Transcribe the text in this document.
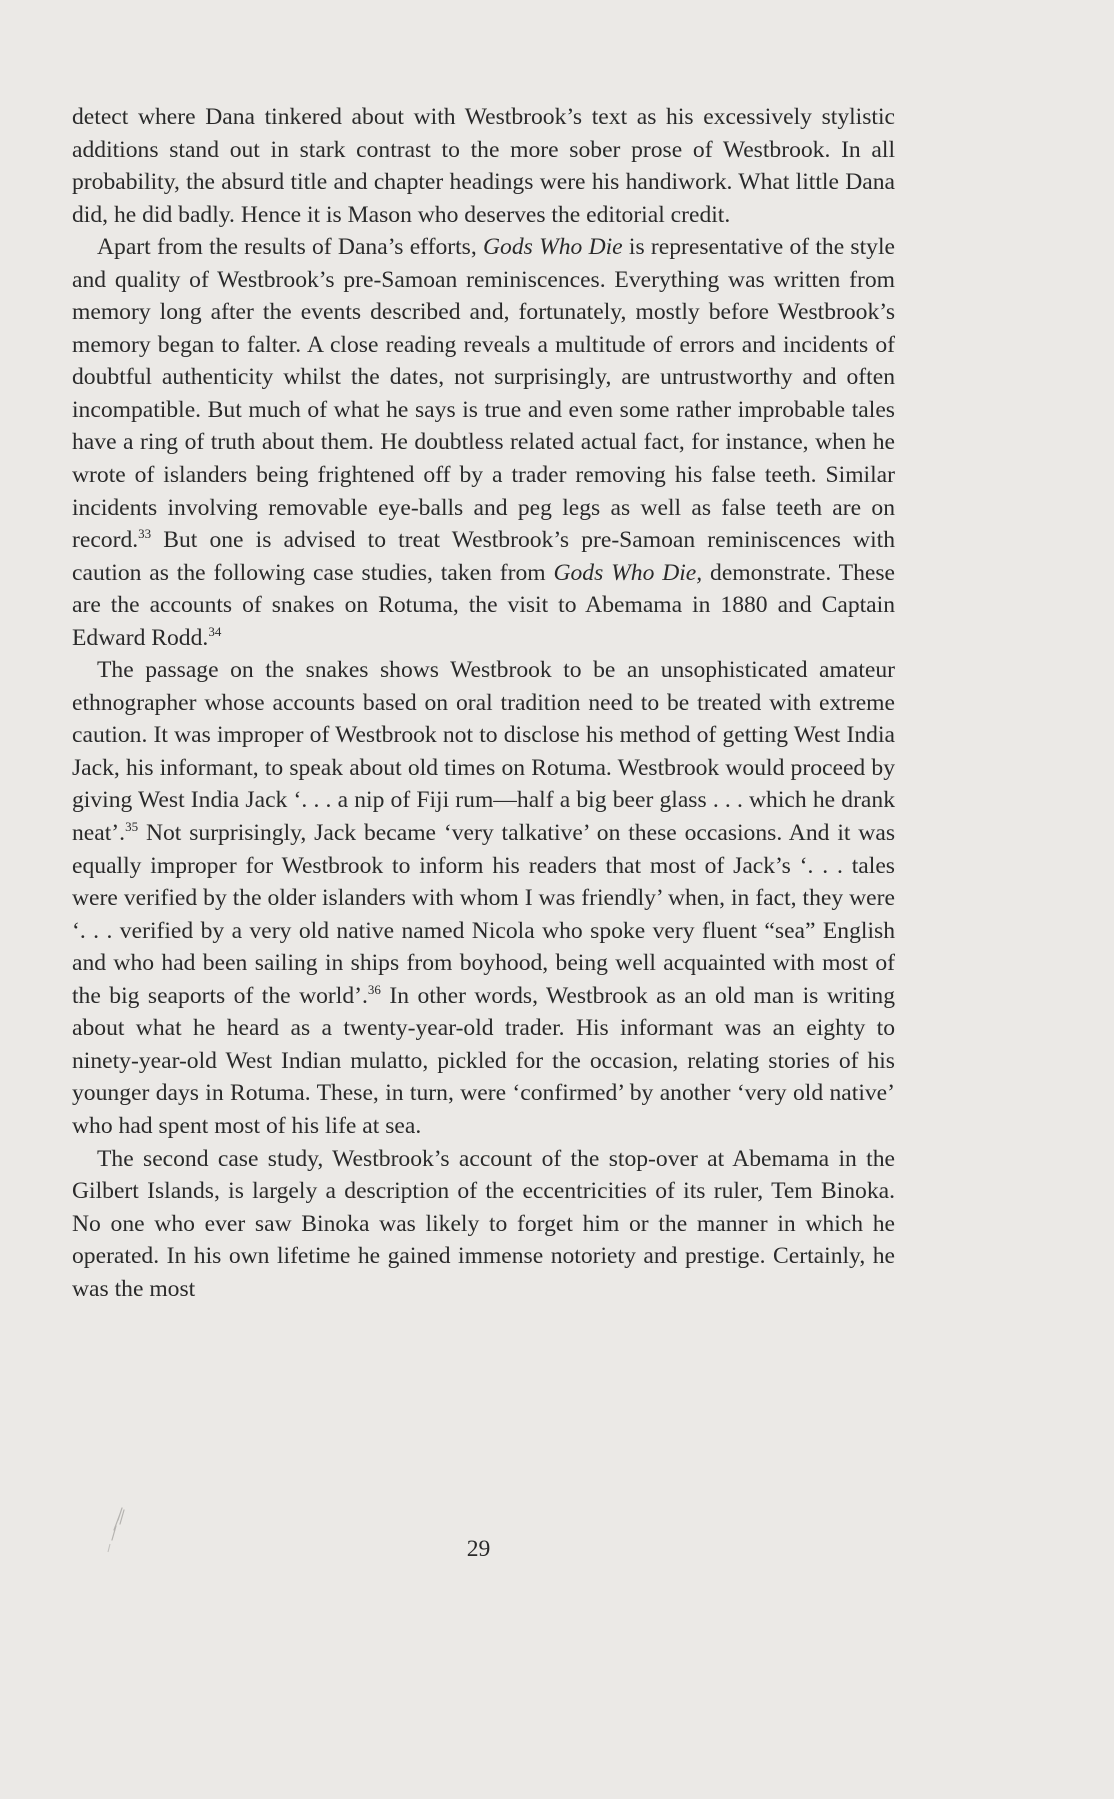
detect where Dana tinkered about with Westbrook’s text as his excessively stylistic additions stand out in stark contrast to the more sober prose of Westbrook. In all probability, the absurd title and chapter headings were his handiwork. What little Dana did, he did badly. Hence it is Mason who deserves the editorial credit.

Apart from the results of Dana’s efforts, Gods Who Die is representative of the style and quality of Westbrook’s pre-Samoan reminiscences. Everything was written from memory long after the events described and, fortunately, mostly before Westbrook’s memory began to falter. A close reading reveals a multitude of errors and incidents of doubtful authenticity whilst the dates, not surprisingly, are untrustworthy and often incompatible. But much of what he says is true and even some rather improbable tales have a ring of truth about them. He doubtless related actual fact, for instance, when he wrote of islanders being frightened off by a trader removing his false teeth. Similar incidents involving removable eye-balls and peg legs as well as false teeth are on record.$^{33}$ But one is advised to treat Westbrook’s pre-Samoan reminiscences with caution as the following case studies, taken from Gods Who Die, demonstrate. These are the accounts of snakes on Rotuma, the visit to Abemama in 1880 and Captain Edward Rodd.$^{34}$

The passage on the snakes shows Westbrook to be an unsophisticated amateur ethnographer whose accounts based on oral tradition need to be treated with extreme caution. It was improper of Westbrook not to disclose his method of getting West India Jack, his informant, to speak about old times on Rotuma. Westbrook would proceed by giving West India Jack ‘. . . a nip of Fiji rum—half a big beer glass . . . which he drank neat’.$^{35}$ Not surprisingly, Jack became ‘very talkative’ on these occasions. And it was equally improper for Westbrook to inform his readers that most of Jack’s ‘. . . tales were verified by the older islanders with whom I was friendly’ when, in fact, they were ‘. . . verified by a very old native named Nicola who spoke very fluent “sea” English and who had been sailing in ships from boyhood, being well acquainted with most of the big seaports of the world’.$^{36}$ In other words, Westbrook as an old man is writing about what he heard as a twenty-year-old trader. His informant was an eighty to ninety-year-old West Indian mulatto, pickled for the occasion, relating stories of his younger days in Rotuma. These, in turn, were ‘confirmed’ by another ‘very old native’ who had spent most of his life at sea.

The second case study, Westbrook’s account of the stop-over at Abemama in the Gilbert Islands, is largely a description of the eccentricities of its ruler, Tem Binoka. No one who ever saw Binoka was likely to forget him or the manner in which he operated. In his own lifetime he gained immense notoriety and prestige. Certainly, he was the most

29
